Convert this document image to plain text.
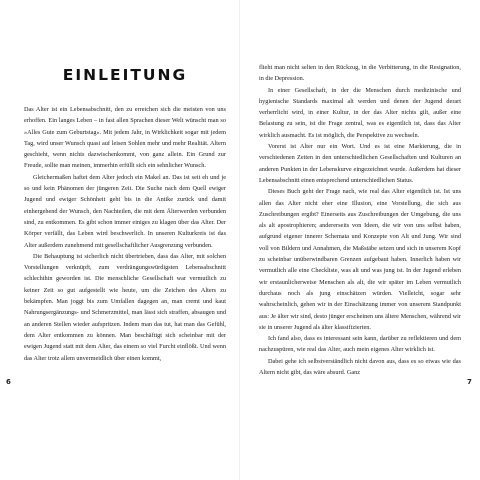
EINLEITUNG

Das Alter ist ein Lebensabschnitt, den zu erreichen sich die meisten von uns erhoffen. Ein langes Leben – in fast allen Sprachen dieser Welt wünscht man so »Alles Gute zum Geburtstag«. Mit jedem Jahr, in Wirklichkeit sogar mit jedem Tag, wird unser Wunsch quasi auf leisen Sohlen mehr und mehr Realität. Altern geschieht, wenn nichts dazwischenkommt, von ganz allein. Ein Grund zur Freude, sollte man meinen, immerhin erfüllt sich ein sehnlicher Wunsch.

Gleichermaßen haftet dem Alter jedoch ein Makel an. Das ist seit eh und je so und kein Phänomen der jüngeren Zeit. Die Suche nach dem Quell ewiger Jugend und ewiger Schönheit geht bis in die Antike zurück und damit einhergehend der Wunsch, den Nachteilen, die mit dem Älterwerden verbunden sind, zu entkommen. Es gibt schon immer einiges zu klagen über das Alter. Der Körper verfällt, das Leben wird beschwerlich. In unseren Kulturkreis ist das Alter außerdem zunehmend mit gesellschaftlicher Ausgrenzung verbunden.

Die Behauptung ist sicherlich nicht übertrieben, dass das Alter, mit solchen Vorstellungen verknüpft, zum verdrängungswürdigsten Lebensabschnitt schlechthin geworden ist. Die menschliche Gesellschaft war vermutlich zu keiner Zeit so gut aufgestellt wie heute, um die Zeichen des Alters zu bekämpfen. Man joggt bis zum Umfallen dagegen an, man cremt und kaut Nahrungsergänzungs- und Schmerzmittel, man lässt sich straffen, absaugen und an anderen Stellen wieder aufspritzen. Indem man das tut, hat man das Gefühl, dem Alter entkommen zu können. Man beschäftigt sich scheinbar mit der ewigen Jugend statt mit dem Alter, das einem so viel Furcht einflößt. Und wenn das Alter trotz allem unvermeidlich über einen kommt,

6

flieht man nicht selten in den Rückzug, in die Verbitterung, in die Resignation, in die Depression.

In einer Gesellschaft, in der die Menschen durch medizinische und hygienische Standards maximal alt werden und denen der Jugend derart verherrlicht wird, in einer Kultur, in der das Alter nichts gilt, außer eine Belastung zu sein, ist die Frage zentral, was es eigentlich ist, dass das Alter wirklich ausmacht. Es ist möglich, die Perspektive zu wechseln.

Vorerst ist Alter nur ein Wort. Und es ist eine Markierung, die in verschiedenen Zeiten in den unterschiedlichen Gesellschaften und Kulturen an anderen Punkten in der Lebenskurve eingezeichnet wurde. Außerdem hat dieser Lebensabschnitt einen entsprechend unterschiedlichen Status.

Dieses Buch geht der Frage nach, wie real das Alter eigentlich ist. Ist uns allen das Alter nicht eher eine Illusion, eine Vorstellung, die sich aus Zuschreibungen ergibt? Einerseits aus Zuschreibungen der Umgebung, die uns als alt apostrophieren; andererseits von Ideen, die wir von uns selbst haben, aufgrund eigener innerer Schemata und Konzepte von Alt und Jung. Wir sind voll von Bildern und Annahmen, die Maßstäbe setzen und sich in unserem Kopf zu scheinbar unüberwindbaren Grenzen aufgebaut haben. Innerlich haben wir vermutlich alle eine Checkliste, was alt und was jung ist. In der Jugend erleben wir erstaunlicherweise Menschen als alt, die wir später im Leben vermutlich durchaus noch als jung einschätzen würden. Vielleicht, sogar sehr wahrscheinlich, gehen wir in der Einschätzung immer von unserem Standpunkt aus: Je älter wir sind, desto jünger erscheinen uns ältere Menschen, während wir sie in unserer Jugend als älter klassifizierten.

Ich fand also, dass es interessant sein kann, darüber zu reflektieren und dem nachzuspüren, wie real das Alter, auch mein eigenes Alter wirklich ist.

Dabei gehe ich selbstverständlich nicht davon aus, dass es so etwas wie das Altern nicht gibt, das wäre absurd. Ganz

7
